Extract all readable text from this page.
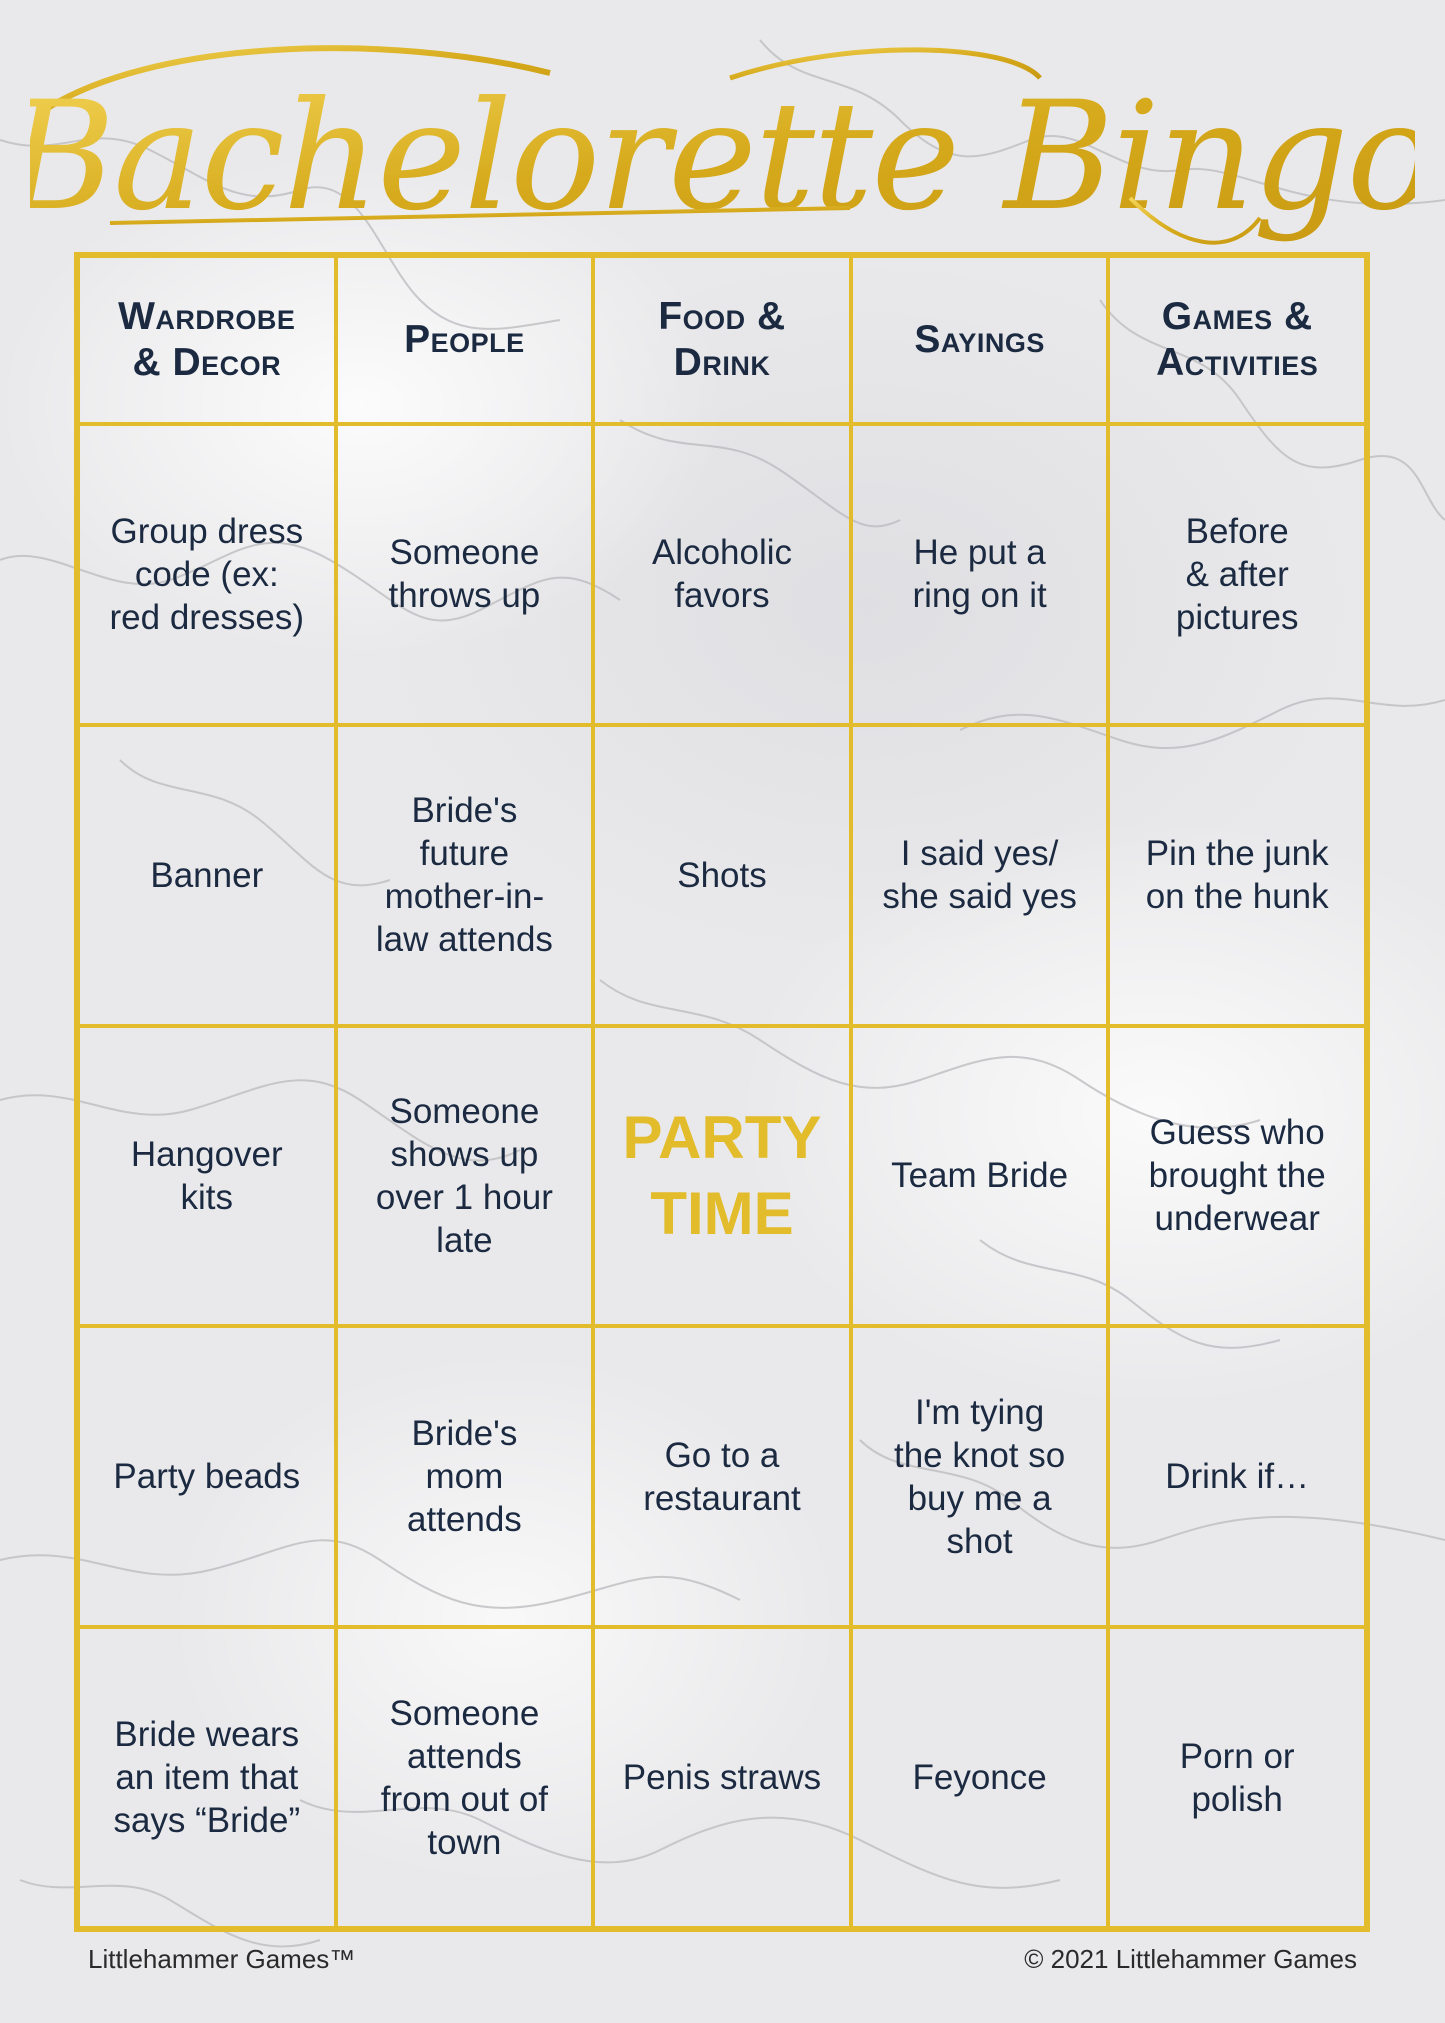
Bachelorette Bingo
Wardrobe
& Decor
People
Food &
Drink
Sayings
Games &
Activities
Group dress
code (ex:
red dresses)
Someone
throws up
Alcoholic
favors
He put a
ring on it
Before
& after
pictures
Banner
Bride's
future
mother-in-
law attends
Shots
I said yes/
she said yes
Pin the junk
on the hunk
Hangover
kits
Someone
shows up
over 1 hour
late
PARTY
TIME
Team Bride
Guess who
brought the
underwear
Party beads
Bride's
mom
attends
Go to a
restaurant
I'm tying
the knot so
buy me a
shot
Drink if…
Bride wears
an item that
says “Bride”
Someone
attends
from out of
town
Penis straws	Feyonce
Porn or
polish
Littlehammer Games™	© 2021 Littlehammer Games
